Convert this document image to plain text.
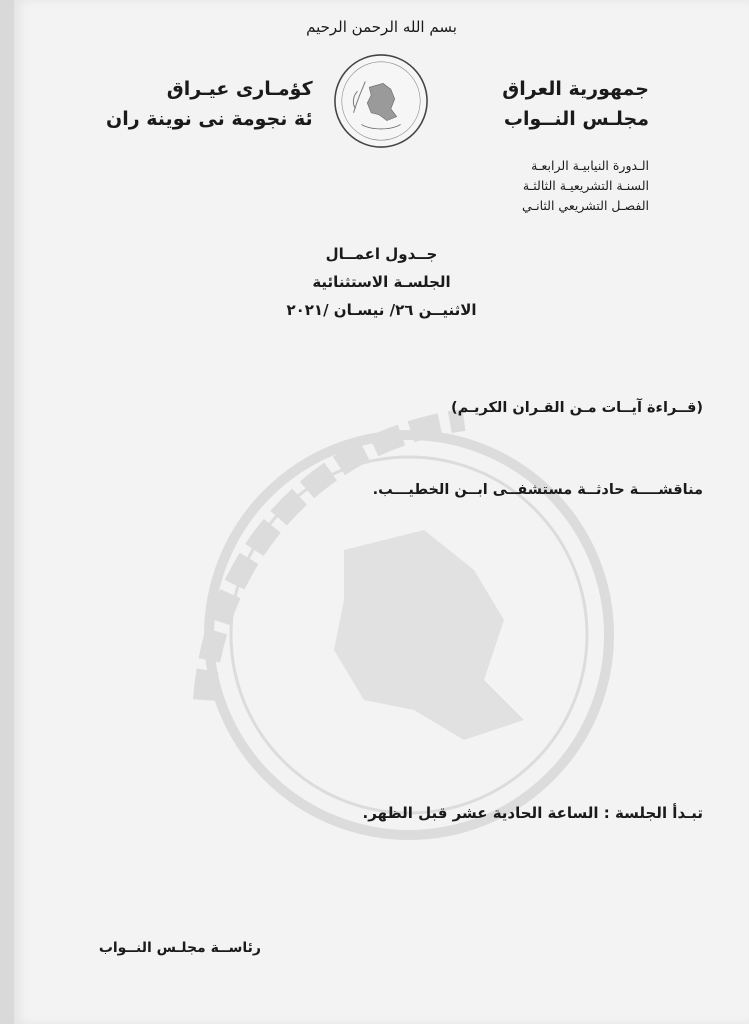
بسم الله الرحمن الرحيم
جمهورية العراق
مجلـس النــواب
كؤمـارى عيـراق
ئة نجومة نى نوينة ران
الـدورة النيابيـة الرابعـة
السنـة التشريعيـة الثالثـة
الفصـل التشريعي الثانـي
جــدول اعمــال
الجلسـة الاستثنائية
الاثنيــن ٢٦/ نيسـان /٢٠٢١
(قــراءة آيــات مـن القـران الكريـم)
مناقشــــة حادثــة مستشفــى ابــن الخطيـــب.
تبـدأ الجلسة : الساعة الحادية عشر قبل الظهر.
رئاســة مجلـس النــواب
